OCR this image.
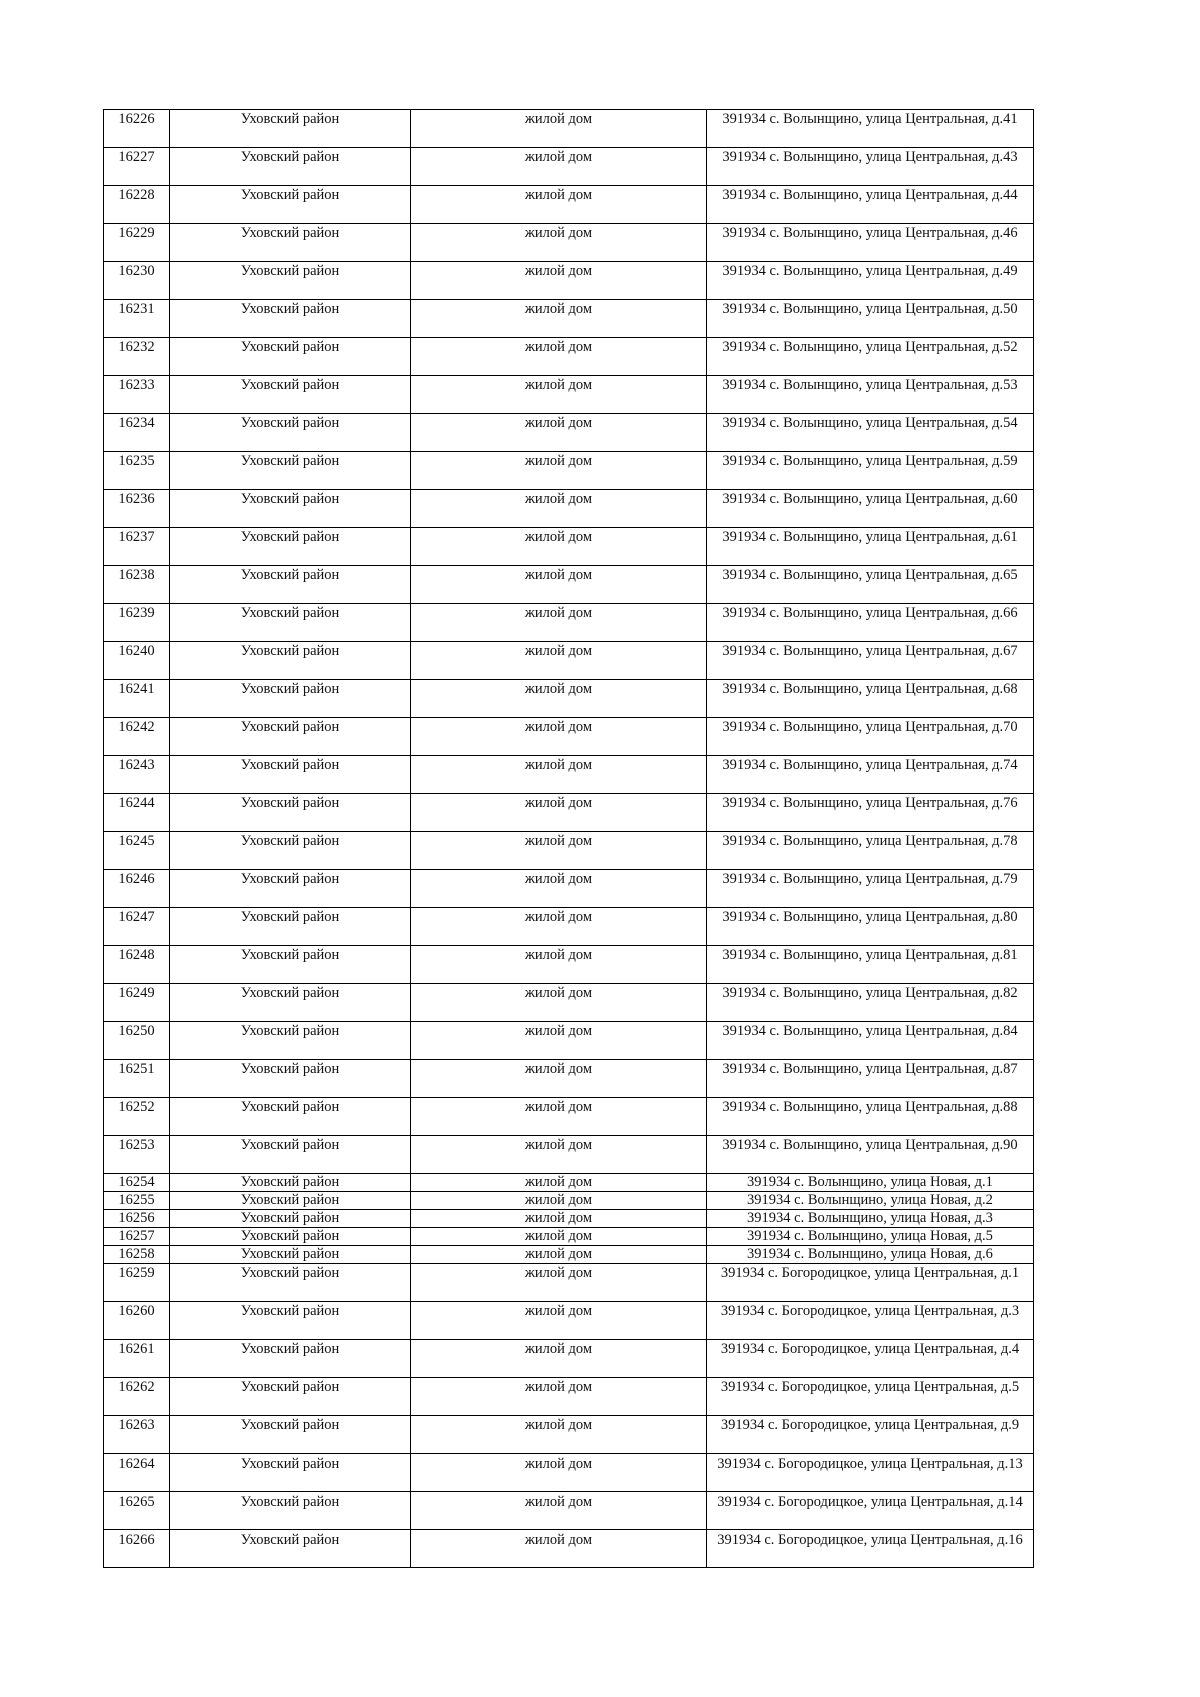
16226	Уховский район	жилой дом	391934 с. Волынщино, улица Центральная, д.41
16227	Уховский район	жилой дом	391934 с. Волынщино, улица Центральная, д.43
16228	Уховский район	жилой дом	391934 с. Волынщино, улица Центральная, д.44
16229	Уховский район	жилой дом	391934 с. Волынщино, улица Центральная, д.46
16230	Уховский район	жилой дом	391934 с. Волынщино, улица Центральная, д.49
16231	Уховский район	жилой дом	391934 с. Волынщино, улица Центральная, д.50
16232	Уховский район	жилой дом	391934 с. Волынщино, улица Центральная, д.52
16233	Уховский район	жилой дом	391934 с. Волынщино, улица Центральная, д.53
16234	Уховский район	жилой дом	391934 с. Волынщино, улица Центральная, д.54
16235	Уховский район	жилой дом	391934 с. Волынщино, улица Центральная, д.59
16236	Уховский район	жилой дом	391934 с. Волынщино, улица Центральная, д.60
16237	Уховский район	жилой дом	391934 с. Волынщино, улица Центральная, д.61
16238	Уховский район	жилой дом	391934 с. Волынщино, улица Центральная, д.65
16239	Уховский район	жилой дом	391934 с. Волынщино, улица Центральная, д.66
16240	Уховский район	жилой дом	391934 с. Волынщино, улица Центральная, д.67
16241	Уховский район	жилой дом	391934 с. Волынщино, улица Центральная, д.68
16242	Уховский район	жилой дом	391934 с. Волынщино, улица Центральная, д.70
16243	Уховский район	жилой дом	391934 с. Волынщино, улица Центральная, д.74
16244	Уховский район	жилой дом	391934 с. Волынщино, улица Центральная, д.76
16245	Уховский район	жилой дом	391934 с. Волынщино, улица Центральная, д.78
16246	Уховский район	жилой дом	391934 с. Волынщино, улица Центральная, д.79
16247	Уховский район	жилой дом	391934 с. Волынщино, улица Центральная, д.80
16248	Уховский район	жилой дом	391934 с. Волынщино, улица Центральная, д.81
16249	Уховский район	жилой дом	391934 с. Волынщино, улица Центральная, д.82
16250	Уховский район	жилой дом	391934 с. Волынщино, улица Центральная, д.84
16251	Уховский район	жилой дом	391934 с. Волынщино, улица Центральная, д.87
16252	Уховский район	жилой дом	391934 с. Волынщино, улица Центральная, д.88
16253	Уховский район	жилой дом	391934 с. Волынщино, улица Центральная, д.90
16254	Уховский район	жилой дом	391934 с. Волынщино, улица Новая, д.1
16255	Уховский район	жилой дом	391934 с. Волынщино, улица Новая, д.2
16256	Уховский район	жилой дом	391934 с. Волынщино, улица Новая, д.3
16257	Уховский район	жилой дом	391934 с. Волынщино, улица Новая, д.5
16258	Уховский район	жилой дом	391934 с. Волынщино, улица Новая, д.6
16259	Уховский район	жилой дом	391934 с. Богородицкое, улица Центральная, д.1
16260	Уховский район	жилой дом	391934 с. Богородицкое, улица Центральная, д.3
16261	Уховский район	жилой дом	391934 с. Богородицкое, улица Центральная, д.4
16262	Уховский район	жилой дом	391934 с. Богородицкое, улица Центральная, д.5
16263	Уховский район	жилой дом	391934 с. Богородицкое, улица Центральная, д.9
16264	Уховский район	жилой дом	391934 с. Богородицкое, улица Центральная, д.13
16265	Уховский район	жилой дом	391934 с. Богородицкое, улица Центральная, д.14
16266	Уховский район	жилой дом	391934 с. Богородицкое, улица Центральная, д.16
